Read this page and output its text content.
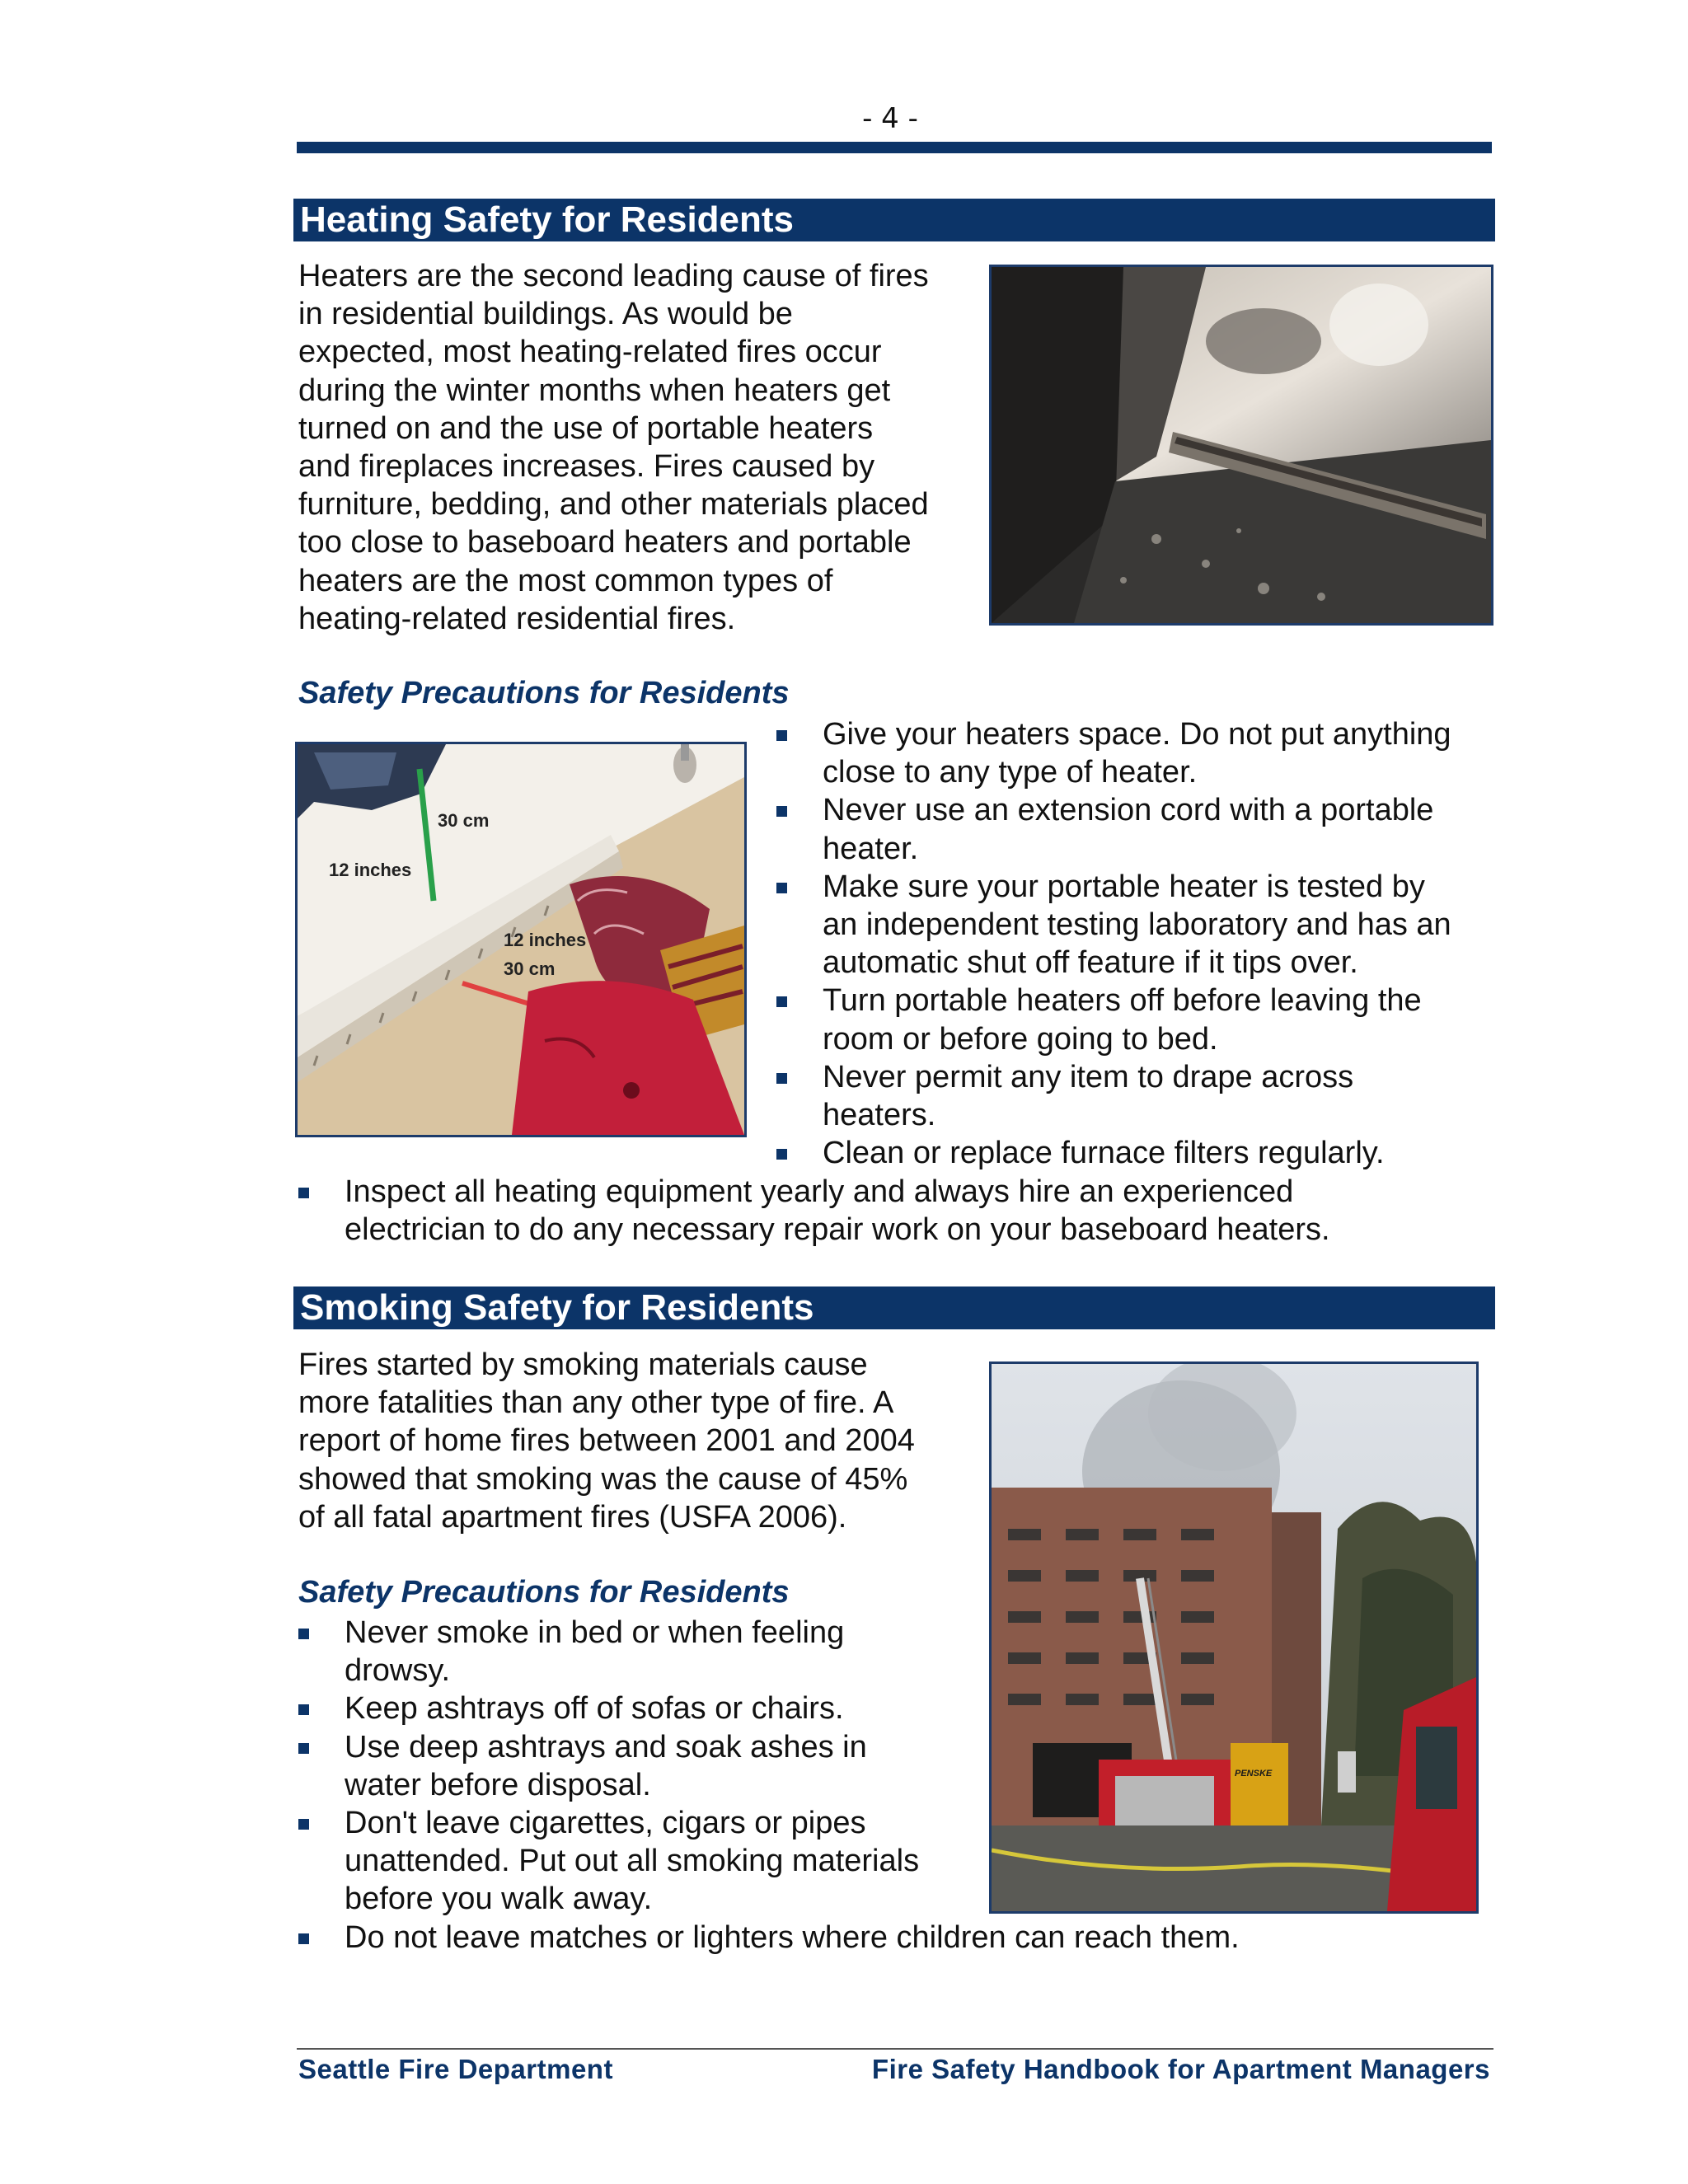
- 4 -
Heating Safety for Residents

Heaters are the second leading cause of fires
in residential buildings. As would be
expected, most heating-related fires occur
during the winter months when heaters get
turned on and the use of portable heaters
and fireplaces increases. Fires caused by
furniture, bedding, and other materials placed
too close to baseboard heaters and portable
heaters are the most common types of
heating-related residential fires.

Safety Precautions for Residents
30 cm
12 inches
12 inches
30 cm
Give your heaters space. Do not put anything
close to any type of heater.
Never use an extension cord with a portable
heater.
Make sure your portable heater is tested by
an independent testing laboratory and has an
automatic shut off feature if it tips over.
Turn portable heaters off before leaving the
room or before going to bed.
Never permit any item to drape across
heaters.
Clean or replace furnace filters regularly.
Inspect all heating equipment yearly and always hire an experienced
electrician to do any necessary repair work on your baseboard heaters.
Smoking Safety for Residents

Fires started by smoking materials cause
more fatalities than any other type of fire. A
report of home fires between 2001 and 2004
showed that smoking was the cause of 45%
of all fatal apartment fires (USFA 2006).

PENSKE
Safety Precautions for Residents
Never smoke in bed or when feeling
drowsy.
Keep ashtrays off of sofas or chairs.
Use deep ashtrays and soak ashes in
water before disposal.
Don't leave cigarettes, cigars or pipes
unattended. Put out all smoking materials
before you walk away.
Do not leave matches or lighters where children can reach them.
Seattle Fire Department	Fire Safety Handbook for Apartment Managers
